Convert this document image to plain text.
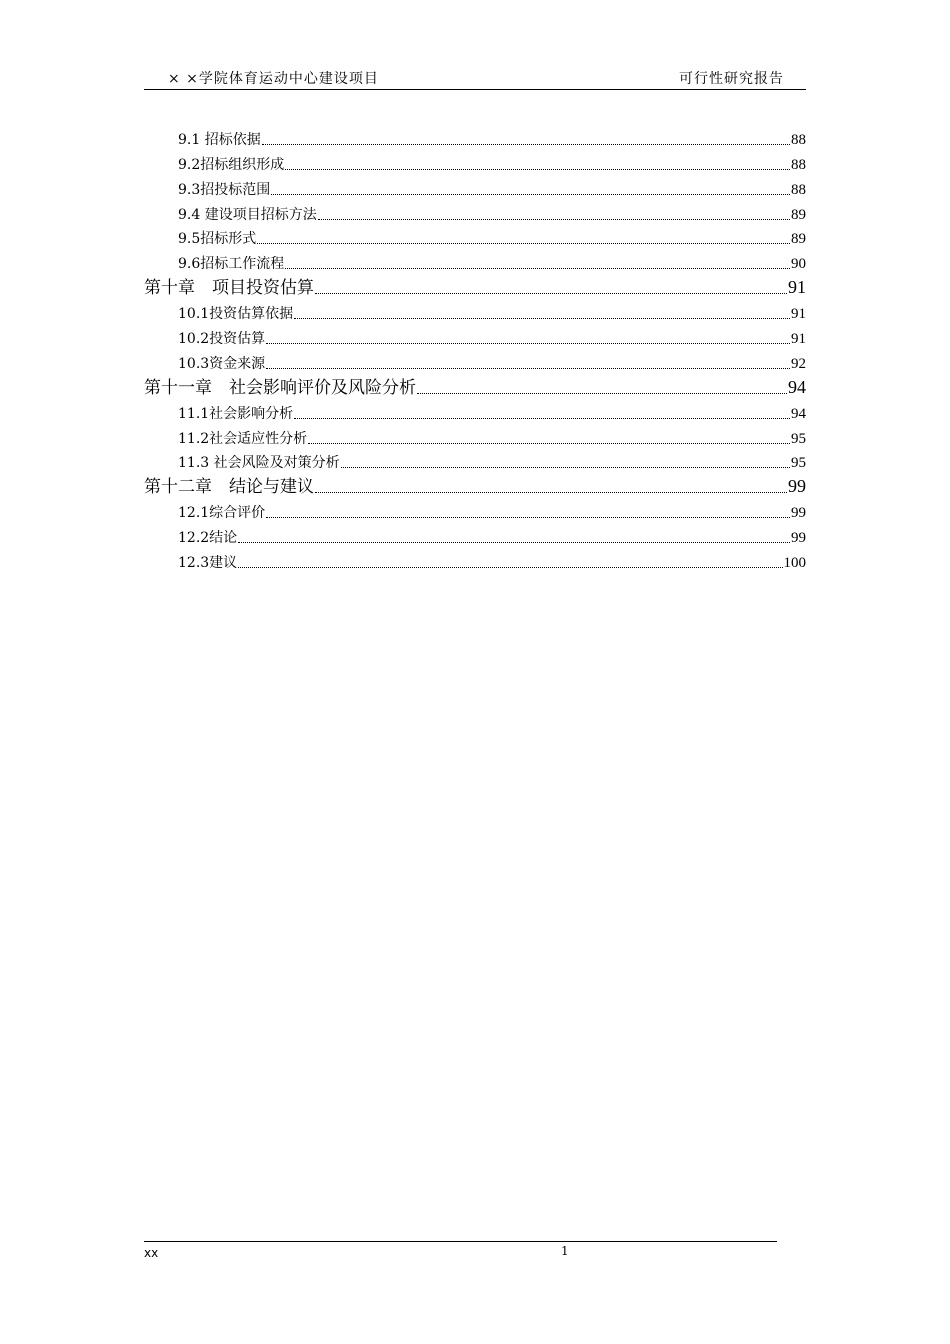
× ×学院体育运动中心建设项目	可行性研究报告
9.1 招标依据	88
9.2招标组织形成	88
9.3招投标范围	88
9.4 建设项目招标方法	89
9.5招标形式	89
9.6招标工作流程	90
第十章　项目投资估算	91
10.1投资估算依据	91
10.2投资估算	91
10.3资金来源	92
第十一章　社会影响评价及风险分析	94
11.1社会影响分析	94
11.2社会适应性分析	95
11.3 社会风险及对策分析	95
第十二章　结论与建议	99
12.1综合评价	99
12.2结论	99
12.3建议	100
xx	1
